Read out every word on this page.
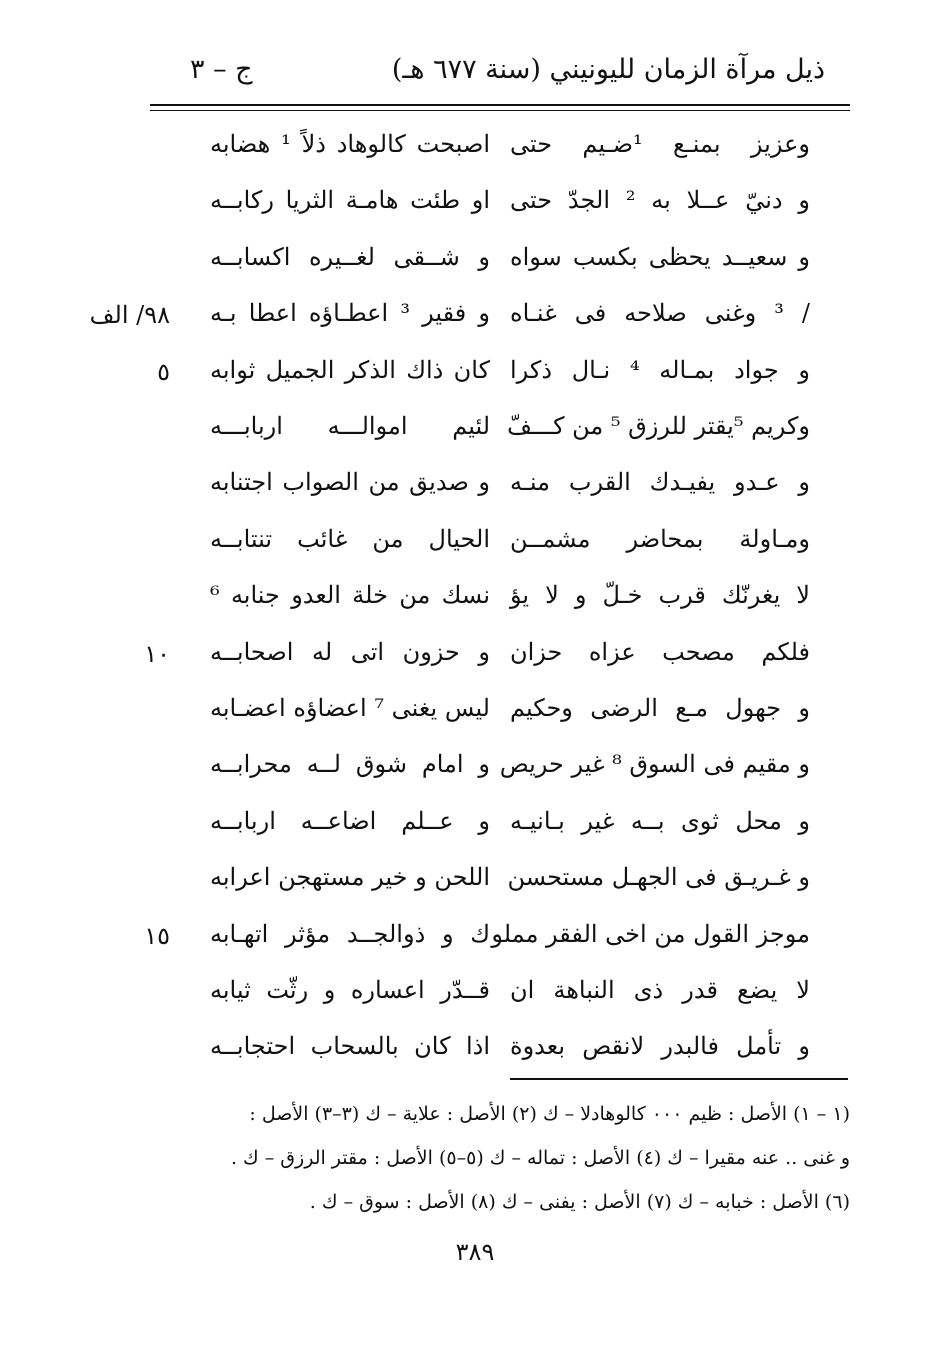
ذيل مرآة الزمان لليونيني (سنة ٦٧٧ هـ)
ج – ٣
وعزيز بمنـع ¹ضـيم حتى
اصبحت كالوهاد ذلاً ¹ هضابه
و دنيّ عــلا به ² الجدّ حتى
او طئت هامـة الثريا ركابــه
و سعيــد يحظى بكسب سواه
و شــقى لغــيره اكسابــه
/ ³ وغنى صلاحه فى غنـاه
و فقير ³ اعطـاؤه اعطا بـه
٩٨/ الف
و جواد بمـاله ⁴ نـال ذكرا
كان ذاك الذكر الجميل ثوابه
٥
وكريم ⁵يقتر للرزق ⁵ من كـــفّ
لئيم اموالـــه اربابـــه
و عـدو يفيـدك القرب منـه
و صديق من الصواب اجتنابه
ومـاولة بمحاضر مشمــن
الحيال من غائب تنتابــه
لا يغرنّك قرب خـلّ و لا يؤ
نسك من خلة العدو جنابه ⁶
فلكم مصحب عزاه حزان
و حزون اتى له اصحابــه
١٠
و جهول مـع الرضى وحكيم
ليس يغنى ⁷ اعضاؤه اعضـابه
و مقيم فى السوق ⁸ غير حريص
و امام شوق لــه محرابــه
و محل ثوى بــه غير بـانيـه
و عــلم اضاعــه اربابــه
و غـريـق فى الجهـل مستحسن
اللحن و خير مستهجن اعرابه
موجز القول من اخى الفقر مملو
ك و ذوالجــد مؤثر اتهـابه
١٥
لا يضع قدر ذى النباهة ان
قــدّر اعساره و رثّت ثيابه
و تأمل فالبدر لانقص بعدوة
اذا كان بالسحاب احتجابــه
(١ – ١) الأصل : ظيم ٠٠٠ كالوهادلا – ك (٢) الأصل : علاية – ك (٣–٣) الأصل :
و غنى .. عنه مقيرا – ك (٤) الأصل : تماله – ك (٥–٥) الأصل : مقتر الرزق – ك .
(٦) الأصل : خبابه – ك (٧) الأصل : يفنى – ك (٨) الأصل : سوق – ك .
٣٨٩
